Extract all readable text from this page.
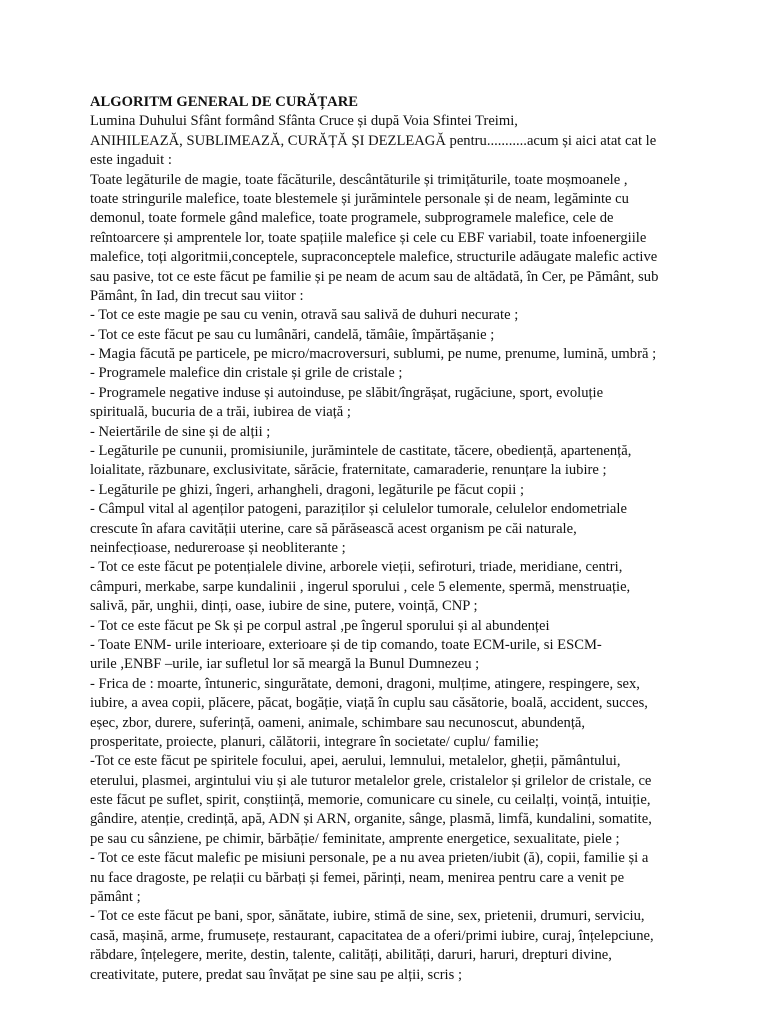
ALGORITM GENERAL DE CURĂȚARE
Lumina Duhului Sfânt formând Sfânta Cruce și după Voia Sfintei Treimi,
ANIHILEAZĂ, SUBLIMEAZĂ, CURĂȚĂ ȘI DEZLEAGĂ pentru...........acum și aici atat cat le
este ingaduit :
Toate legăturile de magie, toate făcăturile, descântăturile și trimițăturile, toate moșmoanele ,
toate stringurile malefice, toate blestemele și jurămintele personale și de neam, legăminte cu
demonul, toate formele gând malefice, toate programele, subprogramele malefice, cele de
reîntoarcere și amprentele lor, toate spațiile malefice și cele cu EBF variabil, toate infoenergiile
malefice, toți algoritmii,conceptele, supraconceptele malefice, structurile adăugate malefic active
sau pasive, tot ce este făcut pe familie și pe neam de acum sau de altădată, în Cer, pe Pământ, sub
Pământ, în Iad, din trecut sau viitor :
- Tot ce este magie pe sau cu venin, otravă sau salivă de duhuri necurate ;
- Tot ce este făcut pe sau cu lumânări, candelă, tămâie, împărtășanie ;
- Magia făcută pe particele, pe micro/macroversuri, sublumi, pe nume, prenume, lumină, umbră ;
- Programele malefice din cristale și grile de cristale ;
- Programele negative induse și autoinduse, pe slăbit/îngrășat, rugăciune, sport, evoluție
spirituală, bucuria de a trăi, iubirea de viață ;
- Neiertările de sine și de alții ;
- Legăturile pe cununii, promisiunile, jurămintele de castitate, tăcere, obediență, apartenență,
loialitate, răzbunare, exclusivitate, sărăcie, fraternitate, camaraderie, renunțare la iubire ;
- Legăturile pe ghizi, îngeri, arhangheli, dragoni, legăturile pe făcut copii ;
- Câmpul vital al agenților patogeni, paraziților și celulelor tumorale, celulelor endometriale
crescute în afara cavității uterine, care să părăsească acest organism pe căi naturale,
neinfecțioase, nedureroase și neobliterante ;
- Tot ce este făcut pe potențialele divine, arborele vieții, sefiroturi, triade, meridiane, centri,
câmpuri, merkabe, sarpe kundalinii , ingerul sporului , cele 5 elemente, spermă, menstruație,
salivă, păr, unghii, dinți, oase, iubire de sine, putere, voință, CNP ;
- Tot ce este făcut pe Sk și pe corpul astral ,pe îngerul sporului și al abundenței
- Toate ENM- urile interioare, exterioare și de tip comando, toate ECM-urile, si ESCM-
urile ,ENBF –urile, iar sufletul lor să meargă la Bunul Dumnezeu ;
- Frica de : moarte, întuneric, singurătate, demoni, dragoni, mulțime, atingere, respingere, sex,
iubire, a avea copii, plăcere, păcat, bogăție, viață în cuplu sau căsătorie, boală, accident, succes,
eșec, zbor, durere, suferință, oameni, animale, schimbare sau necunoscut, abundență,
prosperitate, proiecte, planuri, călătorii, integrare în societate/ cuplu/ familie;
-Tot ce este făcut pe spiritele focului, apei, aerului, lemnului, metalelor, gheții, pământului,
eterului, plasmei, argintului viu și ale tuturor metalelor grele, cristalelor și grilelor de cristale, ce
este făcut pe suflet, spirit, conștiință, memorie, comunicare cu sinele, cu ceilalți, voință, intuiție,
gândire, atenție, credință, apă, ADN și ARN, organite, sânge, plasmă, limfă, kundalini, somatite,
pe sau cu sânziene, pe chimir, bărbăție/ feminitate, amprente energetice, sexualitate, piele ;
- Tot ce este făcut malefic pe misiuni personale, pe a nu avea prieten/iubit (ă), copii, familie și a
nu face dragoste, pe relații cu bărbați și femei, părinți, neam, menirea pentru care a venit pe
pământ ;
- Tot ce este făcut pe bani, spor, sănătate, iubire, stimă de sine, sex, prietenii, drumuri, serviciu,
casă, mașină, arme, frumusețe, restaurant, capacitatea de a oferi/primi iubire, curaj, înțelepciune,
răbdare, înțelegere, merite, destin, talente, calități, abilități, daruri, haruri, drepturi divine,
creativitate, putere, predat sau învățat pe sine sau pe alții, scris ;
